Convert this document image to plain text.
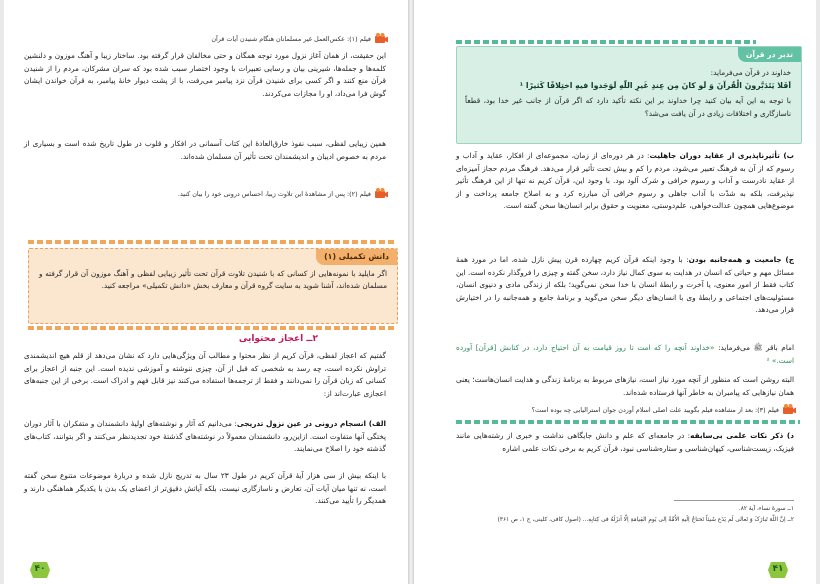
فیلم (۱): عکس‌العمل غیر مسلمانان هنگام شنیدن آیات قرآن

این حقیقت، از همان آغاز نزول مورد توجه همگان و حتی مخالفان قرار گرفته بود. ساختار زیبا و آهنگ موزون و دلنشین کلمه‌ها و جمله‌ها، شیرینی بیان و رسایی تعبیرات با وجود اختصار سبب شده بود که سران مشرکان، مردم را از شنیدن قرآن منع کنند و اگر کسی برای شنیدن قرآن نزد پیامبر می‌رفت، با از پشت دیوار خانهٔ پیامبر، به قرآن خواندن ایشان گوش فرا می‌داد، او را مجازات می‌کردند.

همین زیبایی لفظی، سبب نفوذ خارق‌العادهٔ این کتاب آسمانی در افکار و قلوب در طول تاریخ شده است و بسیاری از مردم به خصوص ادیبان و اندیشمندان تحت تأثیر آن مسلمان شده‌اند.

فیلم (۲): پس از مشاهدهٔ این تلاوت زیبا، احساس درونی خود را بیان کنید.
دانش تکمیلی (۱)
اگر مایلید با نمونه‌هایی از کسانی که با شنیدن تلاوت قرآن تحت تأثیر زیبایی لفظی و آهنگ موزون آن قرار گرفته و مسلمان شده‌اند، آشنا شوید به سایت گروه قرآن و معارف بخش «دانش تکمیلی» مراجعه کنید.
۲ــ اعجاز محتوایی

گفتیم که اعجاز لفظی، قرآن کریم از نظر محتوا و مطالب آن ویژگی‌هایی دارد که نشان می‌دهد از قلم هیچ اندیشمندی تراوش نکرده است، چه رسد به شخصی که قبل از آن، چیزی ننوشته و آموزشی ندیده است. این جنبه از اعجاز برای کسانی که زبان قرآن را نمی‌دانند و فقط از ترجمه‌ها استفاده می‌کنند نیز قابل فهم و ادراک است. برخی از این جنبه‌های اعجازی عبارت‌اند از:

الف) انسجام درونی در عین نزول تدریجی: می‌دانیم که آثار و نوشته‌های اولیهٔ دانشمندان و متفکران با آثار دوران پختگی آنها متفاوت است. ازاین‌رو، دانشمندان معمولاً در نوشته‌های گذشتهٔ خود تجدیدنظر می‌کنند و اگر بتوانند، کتاب‌های گذشته خود را اصلاح می‌نمایند.

با اینکه بیش از سی هزار آیهٔ قرآن کریم در طول ۲۳ سال به تدریج نازل شده و دربارهٔ موضوعات متنوع سخن گفته است، نه تنها میان آیات آن، تعارض و ناسازگاری نیست، بلکه آیاتش دقیق‌تر از اعضای یک بدن با یکدیگر هماهنگی دارند و همدیگر را تأیید می‌کنند.

۴۰
تدبر در قرآن
خداوند در قرآن می‌فرماید:
اَفَلا يَتَدَبَّرونَ الْقُرآنَ وَ لَو كانَ مِن عِندِ غَيرِ اللّهِ لَوَجَدوا فيهِ اختِلافًا كَثيرًا ¹
با توجه به این آیه بیان کنید چرا خداوند بر این نکته تأکید دارد که اگر قرآن از جانب غیر خدا بود، قطعاً ناسازگاری و اختلافات زیادی در آن یافت می‌شد؟

ب) تأثیرناپذیری از عقاید دوران جاهلیت: در هر دوره‌ای از زمان، مجموعه‌ای از افکار، عقاید و آداب و رسوم که از آن به فرهنگ تعبیر می‌شود، مردم را کم و بیش تحت تأثیر قرار می‌دهد. فرهنگ مردم حجاز آمیزه‌ای از عقاید نادرست و آداب و رسوم خرافی و شرک آلود بود. با وجود این، قرآن کریم نه تنها از این فرهنگ تأثیر نپذیرفت، بلکه به شدّت با آداب جاهلی و رسوم خرافی آن مبارزه کرد و به اصلاح جامعه پرداخت و از موضوع‌هایی همچون عدالت‌خواهی، علم‌دوستی، معنویت و حقوق برابر انسان‌ها سخن گفته است.

ج) جامعیت و همه‌جانبه بودن: با وجود اینکه قرآن کریم چهارده قرن پیش نازل شده، اما در مورد همهٔ مسائل مهم و حیاتی که انسان در هدایت به سوی کمال نیاز دارد، سخن گفته و چیزی را فروگذار نکرده است. این کتاب فقط از امور معنوی، یا آخرت و رابطهٔ انسان با خدا سخن نمی‌گوید؛ بلکه از زندگی مادی و دنیوی انسان، مسئولیت‌های اجتماعی و رابطهٔ وی با انسان‌های دیگر سخن می‌گوید و برنامهٔ جامع و همه‌جانبه را در اختیارش قرار می‌دهد.

امام باقر ﷺ می‌فرماید: «خداوند آنچه را که امت تا روز قیامت به آن احتیاج دارد، در کتابش [قرآن] آورده است.» ²

البته روشن است که منظور از آنچه مورد نیاز است، نیازهای مربوط به برنامهٔ زندگی و هدایت انسان‌هاست؛ یعنی همان نیازهایی که پیامبران به خاطر آنها فرستاده شده‌اند.

فیلم (۳): بعد از مشاهده فیلم بگویید علت اصلی اسلام آوردن جوان استرالیایی چه بوده است؟

د) ذکر نکات علمی بی‌سابقه: در جامعه‌ای که علم و دانش جایگاهی نداشت و خبری از رشته‌هایی مانند فیزیک، زیست‌شناسی، کیهان‌شناسی و ستاره‌شناسی نبود، قرآن کریم به برخی نکات علمی اشاره

۱ــ سورهٔ نساء، آیهٔ ۸۲.
۲ــ اِنَّ اللّهَ تَبارَکَ وَ تَعالی لَم یَدَع شَیئاً تَحتاجُ اِلَیهِ الاُمَّةُ اِلی یَومِ القِیامَةِ اِلّا اَنزَلَهُ فی کِتابِهِ... (اصول کافی، کلینی، ج ۱، ص ۳۶۱)
۴۱
